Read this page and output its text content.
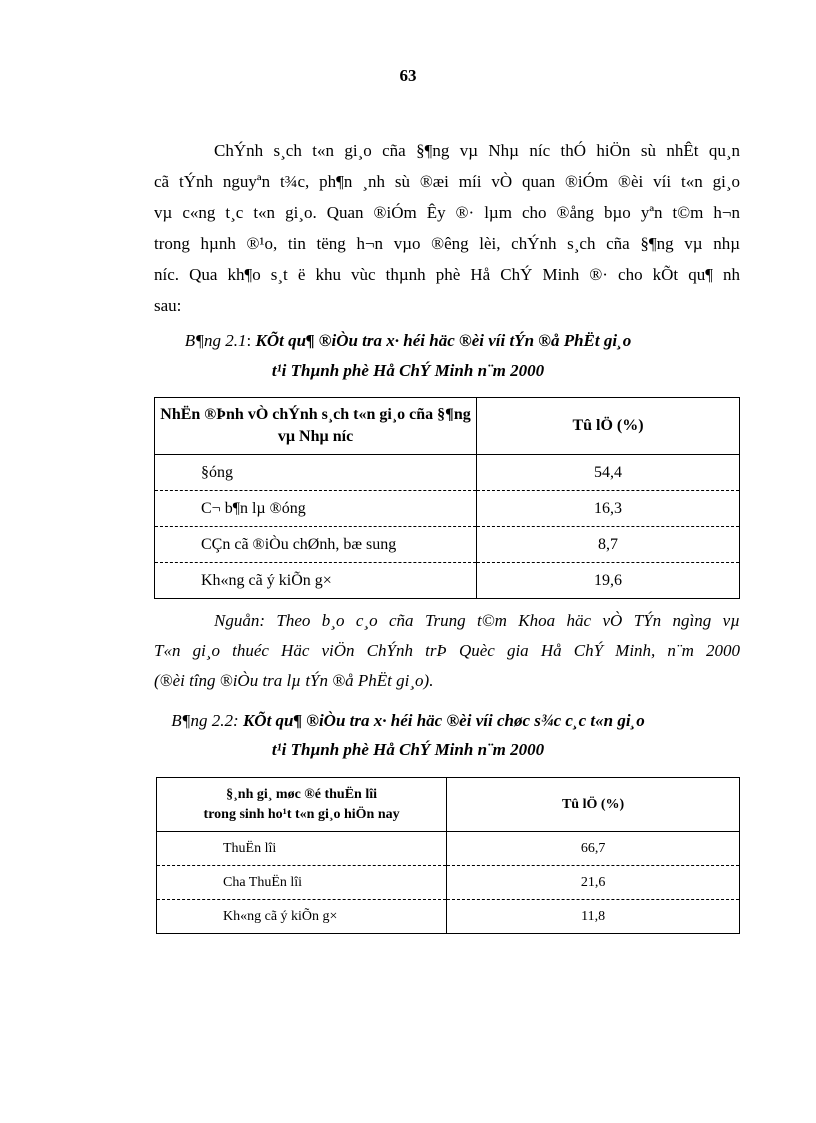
63
ChÝnh s¸ch t«n gi¸o cña §¶ng vµ Nhµ níc thÓ hiÖn sù nhÊt qu¸n
cã tÝnh nguyªn t¾c, ph¶n ¸nh sù ®æi míi vÒ quan ®iÓm ®èi víi t«n gi¸o
vµ c«ng t¸c t«n gi¸o. Quan ®iÓm Êy ®· lµm cho ®ång bµo yªn t©m h¬n
trong hµnh ®¹o, tin tëng h¬n vµo ®êng lèi, chÝnh s¸ch cña §¶ng vµ nhµ
níc. Qua kh¶o s¸t ë khu vùc thµnh phè Hå ChÝ Minh ®· cho kÕt qu¶ nh
sau:
B¶ng 2.1: KÕt qu¶ ®iÒu tra x· héi häc ®èi víi tÝn ®å PhËt gi¸o
t¹i Thµnh phè Hå ChÝ Minh n¨m 2000
NhËn ®Þnh vÒ chÝnh s¸ch t«n gi¸o cña §¶ng vµ Nhµ níc	Tû lÖ (%)
§óng	54,4
C¬ b¶n lµ ®óng	16,3
CÇn cã ®iÒu chØnh, bæ sung	8,7
Kh«ng cã ý kiÕn g×	19,6
Nguån: Theo b¸o c¸o cña Trung t©m Khoa häc vÒ TÝn ngìng vµ
T«n gi¸o thuéc Häc viÖn ChÝnh trÞ Quèc gia Hå ChÝ Minh, n¨m 2000
(®èi tîng ®iÒu tra lµ tÝn ®å PhËt gi¸o).
B¶ng 2.2: KÕt qu¶ ®iÒu tra x· héi häc ®èi víi chøc s¾c c¸c t«n gi¸o
t¹i Thµnh phè Hå ChÝ Minh n¨m 2000
§¸nh gi¸ møc ®é thuËn lîi
trong sinh ho¹t t«n gi¸o hiÖn nay	Tû lÖ (%)
ThuËn lîi	66,7
Cha ThuËn lîi	21,6
Kh«ng cã ý kiÕn g×	11,8
